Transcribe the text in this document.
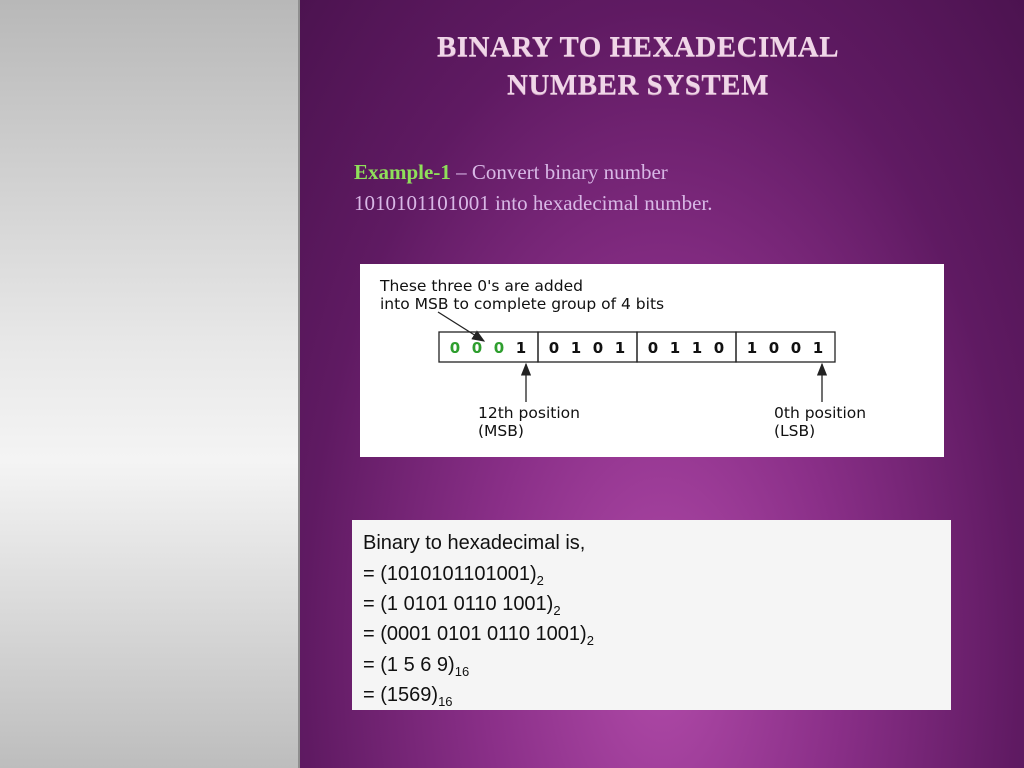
BINARY TO HEXADECIMAL
NUMBER SYSTEM
Example-1 – Convert binary number
1010101101001 into hexadecimal number.
These three 0's are added
into MSB to complete group of 4 bits
0 0 0 1 0 1 0 1 0 1 1 0 1 0 0 1
12th position
(MSB)
0th position
(LSB)
Binary to hexadecimal is,
= $(1010101101001)_2$
= (1 0101 0110 $1001)_2$
= (0001 0101 0110 $1001)_2$
= (1 5 6 $9)_{16}$
= $(1569)_{16}$
